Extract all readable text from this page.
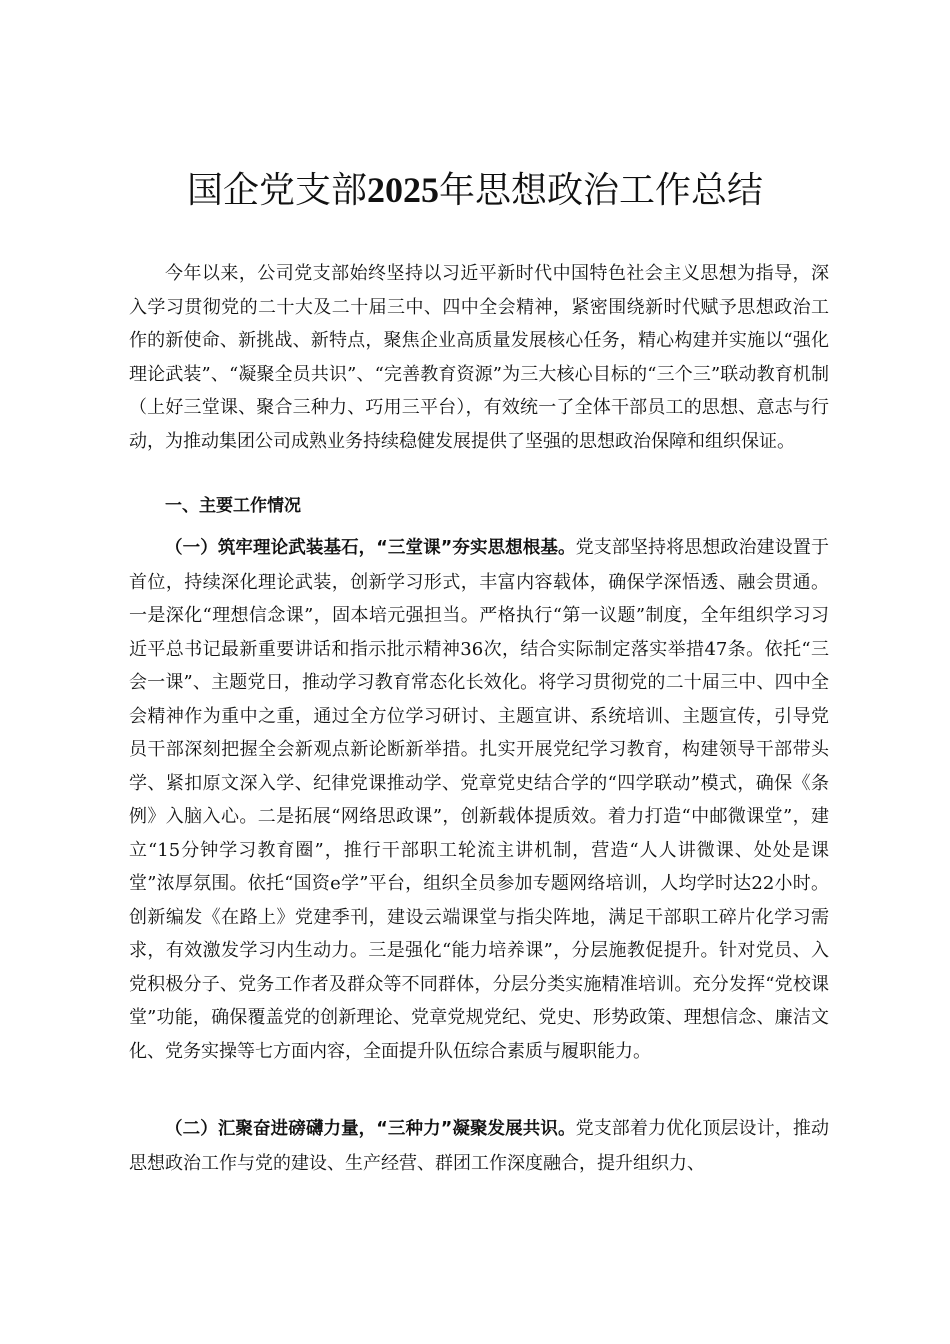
国企党支部2025年思想政治工作总结

今年以来，公司党支部始终坚持以习近平新时代中国特色社会主义思想为指导，深入学习贯彻党的二十大及二十届三中、四中全会精神，紧密围绕新时代赋予思想政治工作的新使命、新挑战、新特点，聚焦企业高质量发展核心任务，精心构建并实施以“强化理论武装”、“凝聚全员共识”、“完善教育资源”为三大核心目标的“三个三”联动教育机制（上好三堂课、聚合三种力、巧用三平台），有效统一了全体干部员工的思想、意志与行动，为推动集团公司成熟业务持续稳健发展提供了坚强的思想政治保障和组织保证。

一、主要工作情况

（一）筑牢理论武装基石，“三堂课”夯实思想根基。党支部坚持将思想政治建设置于首位，持续深化理论武装，创新学习形式，丰富内容载体，确保学深悟透、融会贯通。一是深化“理想信念课”，固本培元强担当。严格执行“第一议题”制度，全年组织学习习近平总书记最新重要讲话和指示批示精神36次，结合实际制定落实举措47条。依托“三会一课”、主题党日，推动学习教育常态化长效化。将学习贯彻党的二十届三中、四中全会精神作为重中之重，通过全方位学习研讨、主题宣讲、系统培训、主题宣传，引导党员干部深刻把握全会新观点新论断新举措。扎实开展党纪学习教育，构建领导干部带头学、紧扣原文深入学、纪律党课推动学、党章党史结合学的“四学联动”模式，确保《条例》入脑入心。二是拓展“网络思政课”，创新载体提质效。着力打造“中邮微课堂”，建立“15分钟学习教育圈”，推行干部职工轮流主讲机制，营造“人人讲微课、处处是课堂”浓厚氛围。依托“国资e学”平台，组织全员参加专题网络培训，人均学时达22小时。创新编发《在路上》党建季刊，建设云端课堂与指尖阵地，满足干部职工碎片化学习需求，有效激发学习内生动力。三是强化“能力培养课”，分层施教促提升。针对党员、入党积极分子、党务工作者及群众等不同群体，分层分类实施精准培训。充分发挥“党校课堂”功能，确保覆盖党的创新理论、党章党规党纪、党史、形势政策、理想信念、廉洁文化、党务实操等七方面内容，全面提升队伍综合素质与履职能力。

（二）汇聚奋进磅礴力量，“三种力”凝聚发展共识。党支部着力优化顶层设计，推动思想政治工作与党的建设、生产经营、群团工作深度融合，提升组织力、
